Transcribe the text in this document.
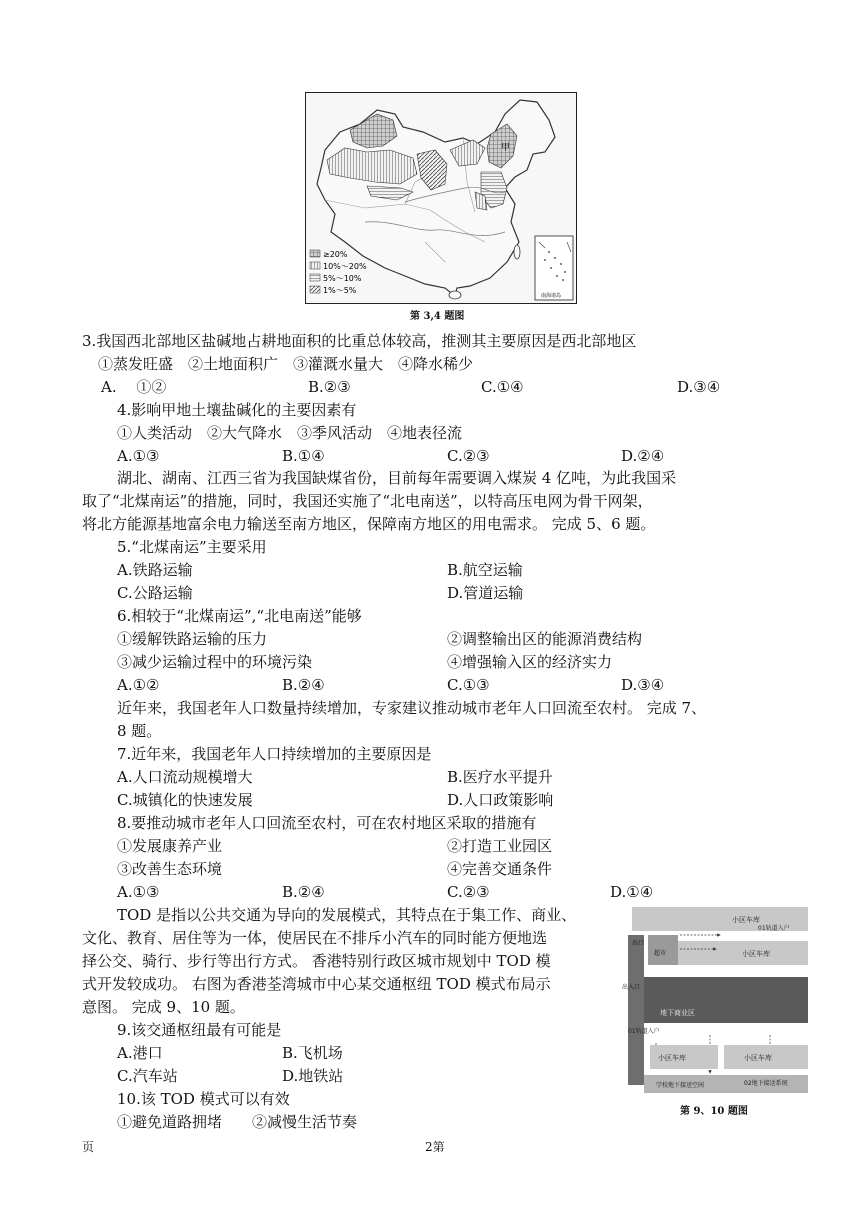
甲
南海诸岛
≥20%
10%～20%
5%～10%
1%～5%
第 3,4 题图
3.我国西北部地区盐碱地占耕地面积的比重总体较高，推测其主要原因是西北部地区
①蒸发旺盛　②土地面积广　③灌溉水量大　④降水稀少
A.　 ①②	B.②③	C.①④	D.③④
4.影响甲地土壤盐碱化的主要因素有
①人类活动　②大气降水　③季风活动　④地表径流
A.①③	B.①④	C.②③	D.②④
湖北、湖南、江西三省为我国缺煤省份，目前每年需要调入煤炭 4 亿吨，为此我国采
取了“北煤南运”的措施，同时，我国还实施了“北电南送”，以特高压电网为骨干网架，
将北方能源基地富余电力输送至南方地区，保障南方地区的用电需求。 完成 5、6 题。
5.“北煤南运”主要采用
A.铁路运输	B.航空运输
C.公路运输	D.管道运输
6.相较于“北煤南运”,“北电南送”能够
①缓解铁路运输的压力	②调整输出区的能源消费结构
③减少运输过程中的环境污染	④增强输入区的经济实力
A.①②	B.②④	C.①③	D.③④
近年来，我国老年人口数量持续增加，专家建议推动城市老年人口回流至农村。 完成 7、
8 题。
7.近年来，我国老年人口持续增加的主要原因是
A.人口流动规模增大	B.医疗水平提升
C.城镇化的快速发展	D.人口政策影响
8.要推动城市老年人口回流至农村，可在农村地区采取的措施有
①发展康养产业	②打造工业园区
③改善生态环境	④完善交通条件
A.①③	B.②④	C.②③	D.①④
TOD 是指以公共交通为导向的发展模式，其特点在于集工作、商业、
文化、教育、居住等为一体，使居民在不排斥小汽车的同时能方便地选
择公交、骑行、步行等出行方式。 香港特别行政区城市规划中 TOD 模
式开发较成功。 右图为香港荃湾城市中心某交通枢纽 TOD 模式布局示
意图。 完成 9、10 题。
9.该交通枢纽最有可能是
A.港口	B.飞机场
C.汽车站	D.地铁站
10.该 TOD 模式可以有效
①避免道路拥堵　　②减慢生活节奏
小区车库
01轨道入户
小区车库
超市
出口
出入口
地下商业区
01轨道入户
小区车库	小区车库
学校地下接送空间	02地下接送系统
第 9、10 题图
页	2第
